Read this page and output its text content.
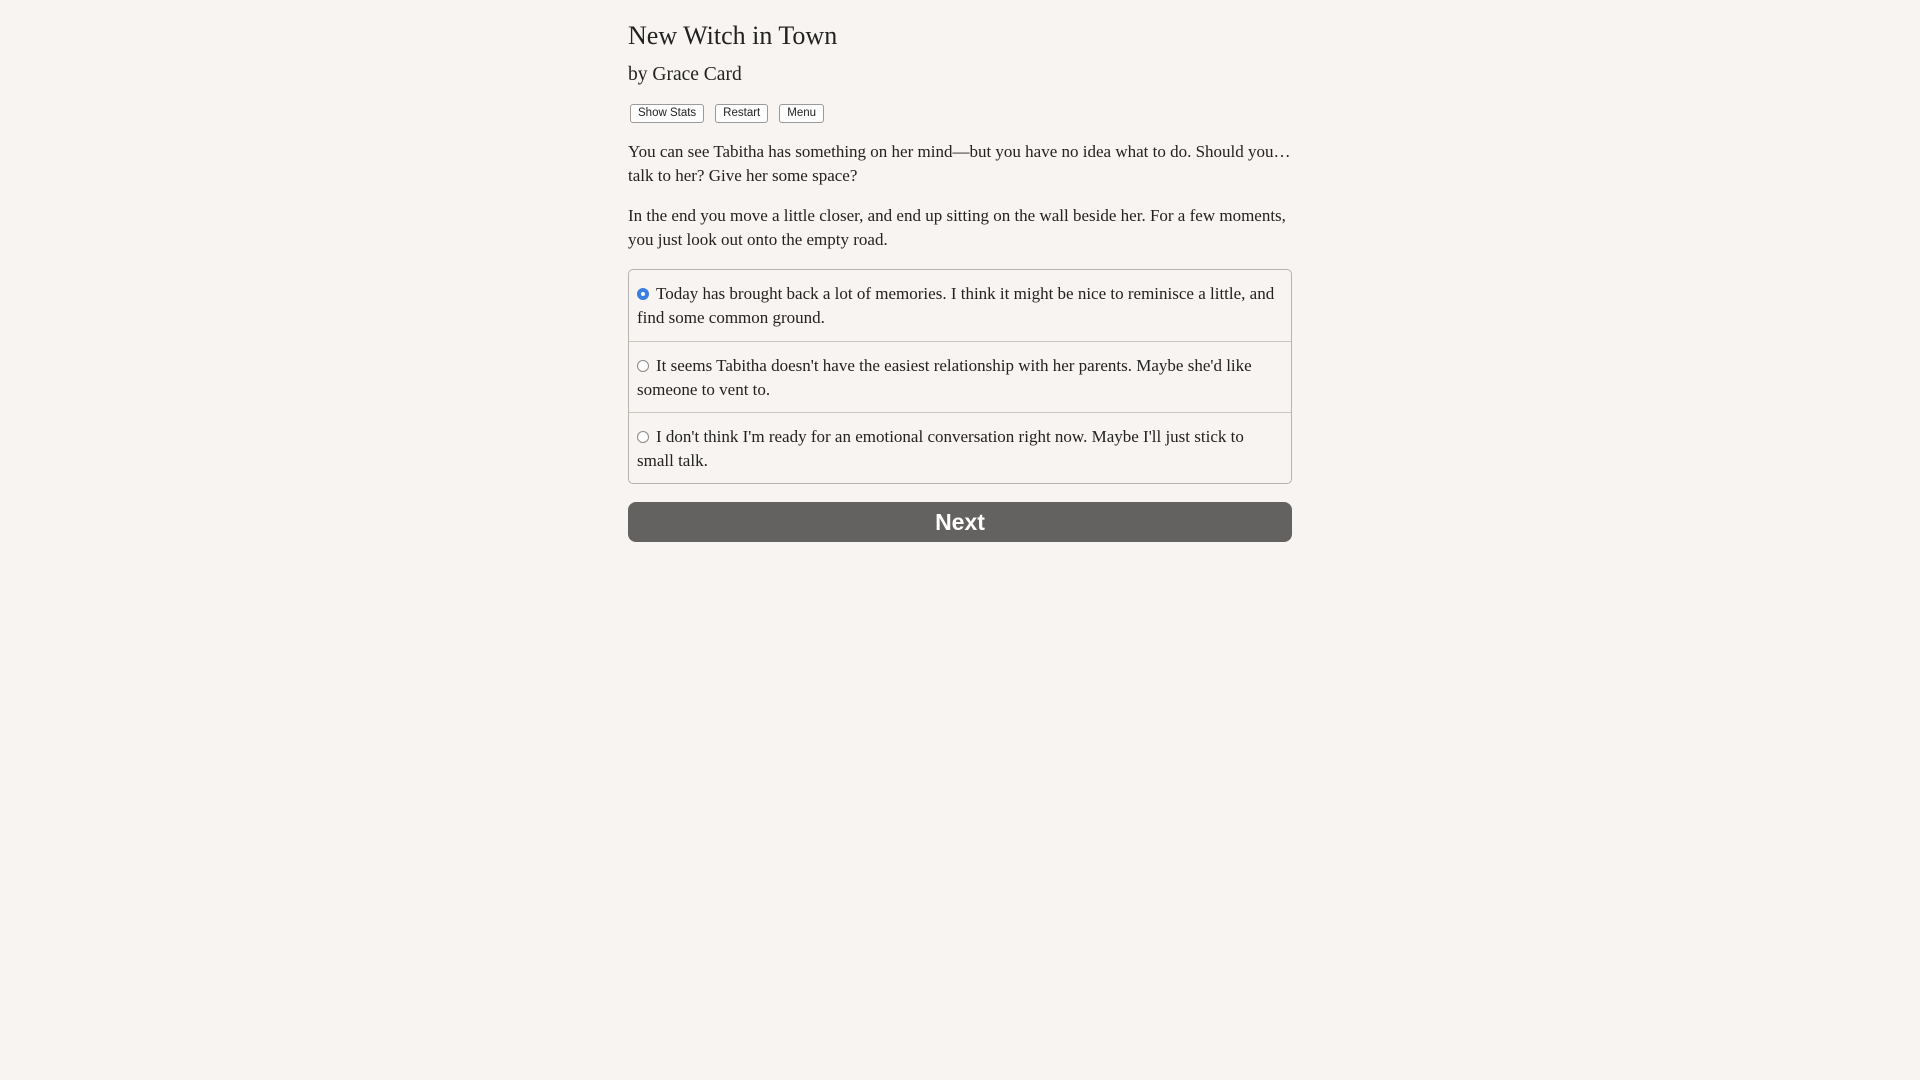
New Witch in Town
by Grace Card
Show Stats	Restart	Menu

You can see Tabitha has something on her mind—but you have no idea what to do. Should you…talk to her? Give her some space?

In the end you move a little closer, and end up sitting on the wall beside her. For a few moments, you just look out onto the empty road.

Today has brought back a lot of memories. I think it might be nice to reminisce a little, and find some common ground.
It seems Tabitha doesn't have the easiest relationship with her parents. Maybe she'd like someone to vent to.
I don't think I'm ready for an emotional conversation right now. Maybe I'll just stick to small talk.
Next
